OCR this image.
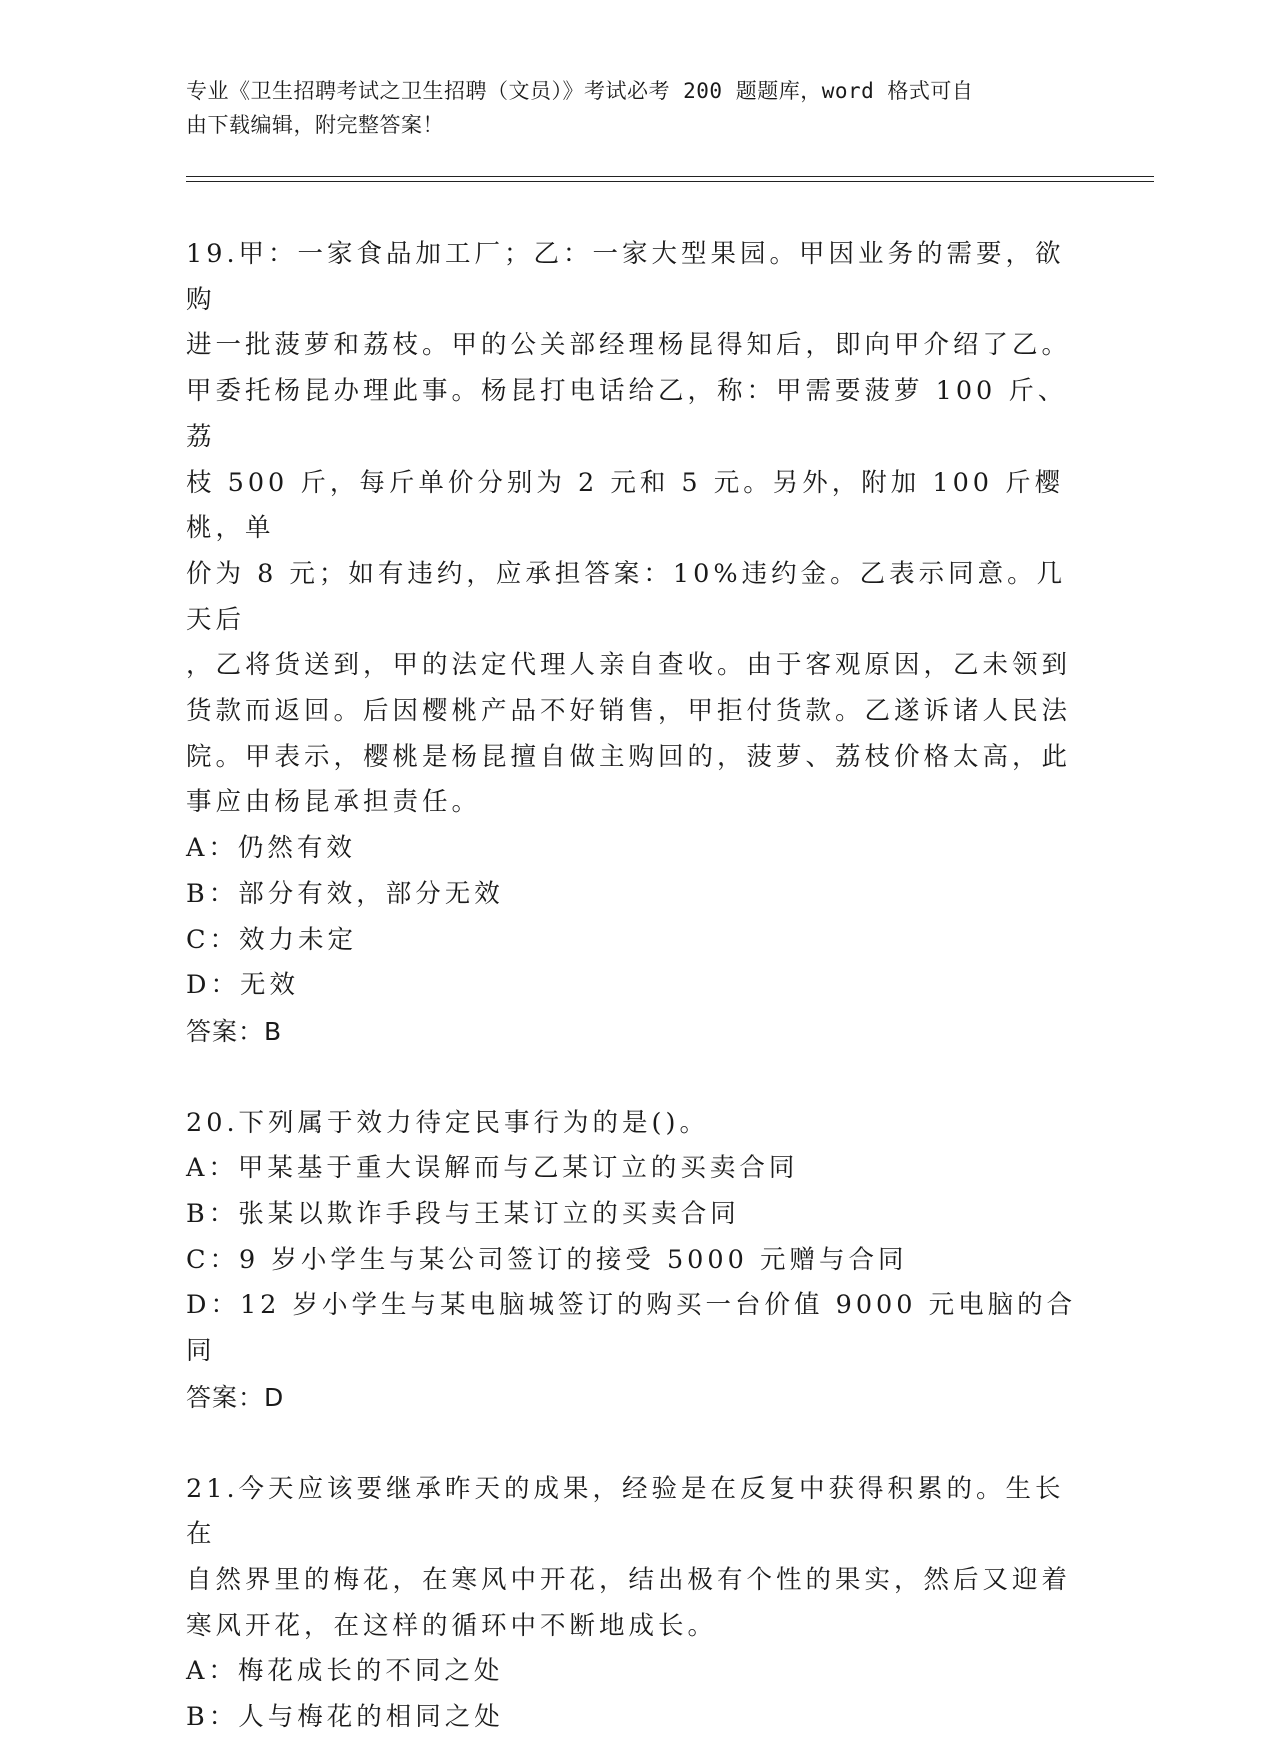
专业《卫生招聘考试之卫生招聘（文员）》考试必考 200 题题库，word 格式可自
由下载编辑，附完整答案！
19.甲：一家食品加工厂；乙：一家大型果园。甲因业务的需要，欲购
进一批菠萝和荔枝。甲的公关部经理杨昆得知后，即向甲介绍了乙。
甲委托杨昆办理此事。杨昆打电话给乙，称：甲需要菠萝 100 斤、荔
枝 500 斤，每斤单价分别为 2 元和 5 元。另外，附加 100 斤樱桃，单
价为 8 元；如有违约，应承担答案：10%违约金。乙表示同意。几天后
，乙将货送到，甲的法定代理人亲自查收。由于客观原因，乙未领到
货款而返回。后因樱桃产品不好销售，甲拒付货款。乙遂诉诸人民法
院。甲表示，樱桃是杨昆擅自做主购回的，菠萝、荔枝价格太高，此
事应由杨昆承担责任。
A：仍然有效
B：部分有效，部分无效
C：效力未定
D：无效
答案：B
20.下列属于效力待定民事行为的是()。
A：甲某基于重大误解而与乙某订立的买卖合同
B：张某以欺诈手段与王某订立的买卖合同
C：9 岁小学生与某公司签订的接受 5000 元赠与合同
D：12 岁小学生与某电脑城签订的购买一台价值 9000 元电脑的合同
答案：D
21.今天应该要继承昨天的成果，经验是在反复中获得积累的。生长在
自然界里的梅花，在寒风中开花，结出极有个性的果实，然后又迎着
寒风开花，在这样的循环中不断地成长。
A：梅花成长的不同之处
B：人与梅花的相同之处
